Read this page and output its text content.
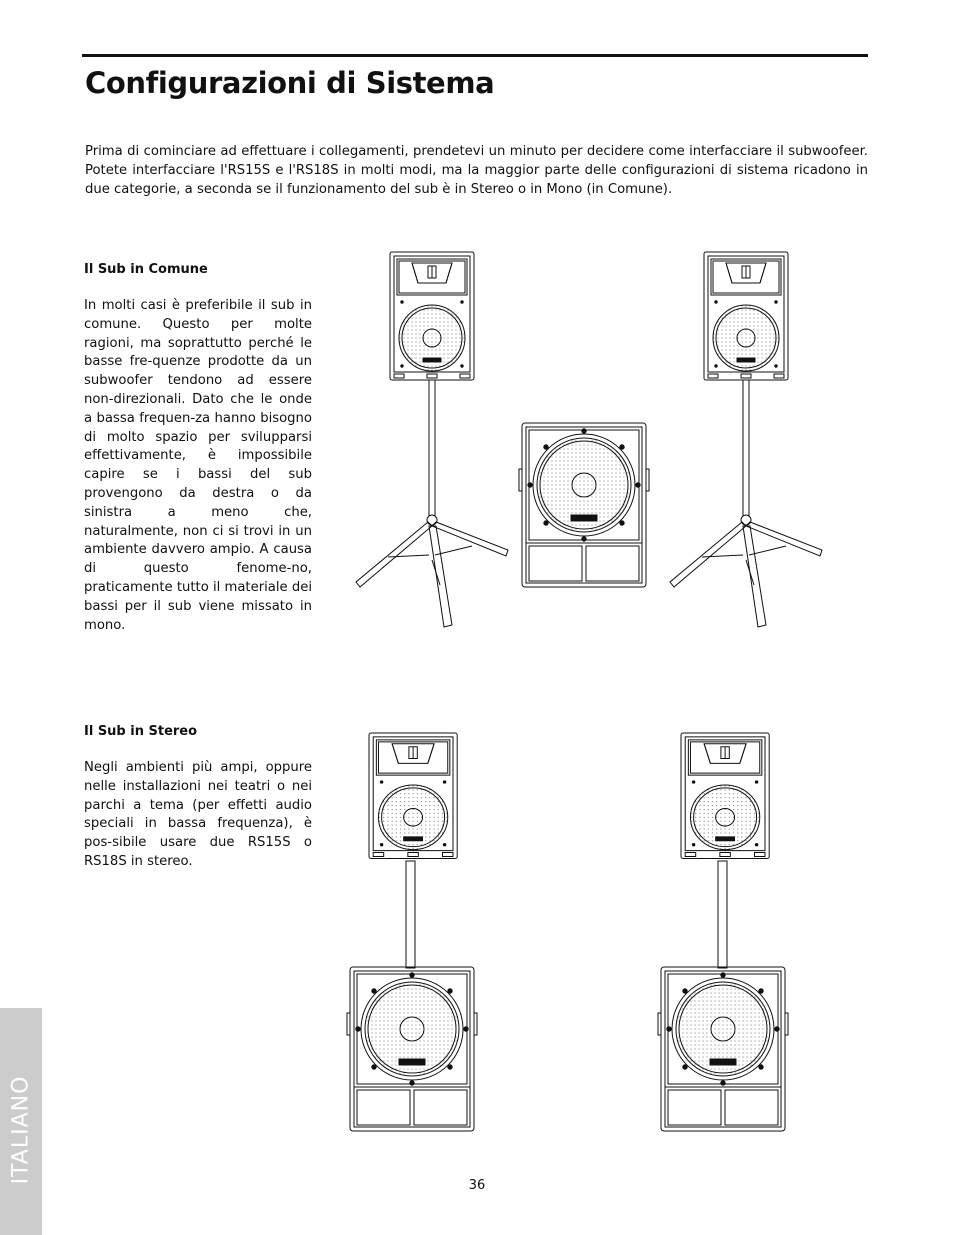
Configurazioni di Sistema

Prima di cominciare ad effettuare i collegamenti, prendetevi un minuto per decidere come interfacciare il subwoofeer. Potete interfacciare l'RS15S e l'RS18S in molti modi, ma la maggior parte delle configurazioni di sistema ricadono in due categorie, a seconda se il funzionamento del sub è in Stereo o in Mono (in Comune).

Il Sub in Comune

In molti casi è preferibile il sub in comune. Questo per molte ragioni, ma soprattutto perché le basse fre-quenze prodotte da un subwoofer tendono ad essere non-direzionali. Dato che le onde a bassa frequen-za hanno bisogno di molto spazio per svilupparsi effettivamente, è impossibile capire se i bassi del sub provengono da destra o da sinistra a meno che, naturalmente, non ci si trovi in un ambiente davvero ampio. A causa di questo fenome-no, praticamente tutto il materiale dei bassi per il sub viene missato in mono.

Il Sub in Stereo

Negli ambienti più ampi, oppure nelle installazioni nei teatri o nei parchi a tema (per effetti audio speciali in bassa frequenza), è pos-sibile usare due RS15S o RS18S in stereo.

ITALIANO
36
